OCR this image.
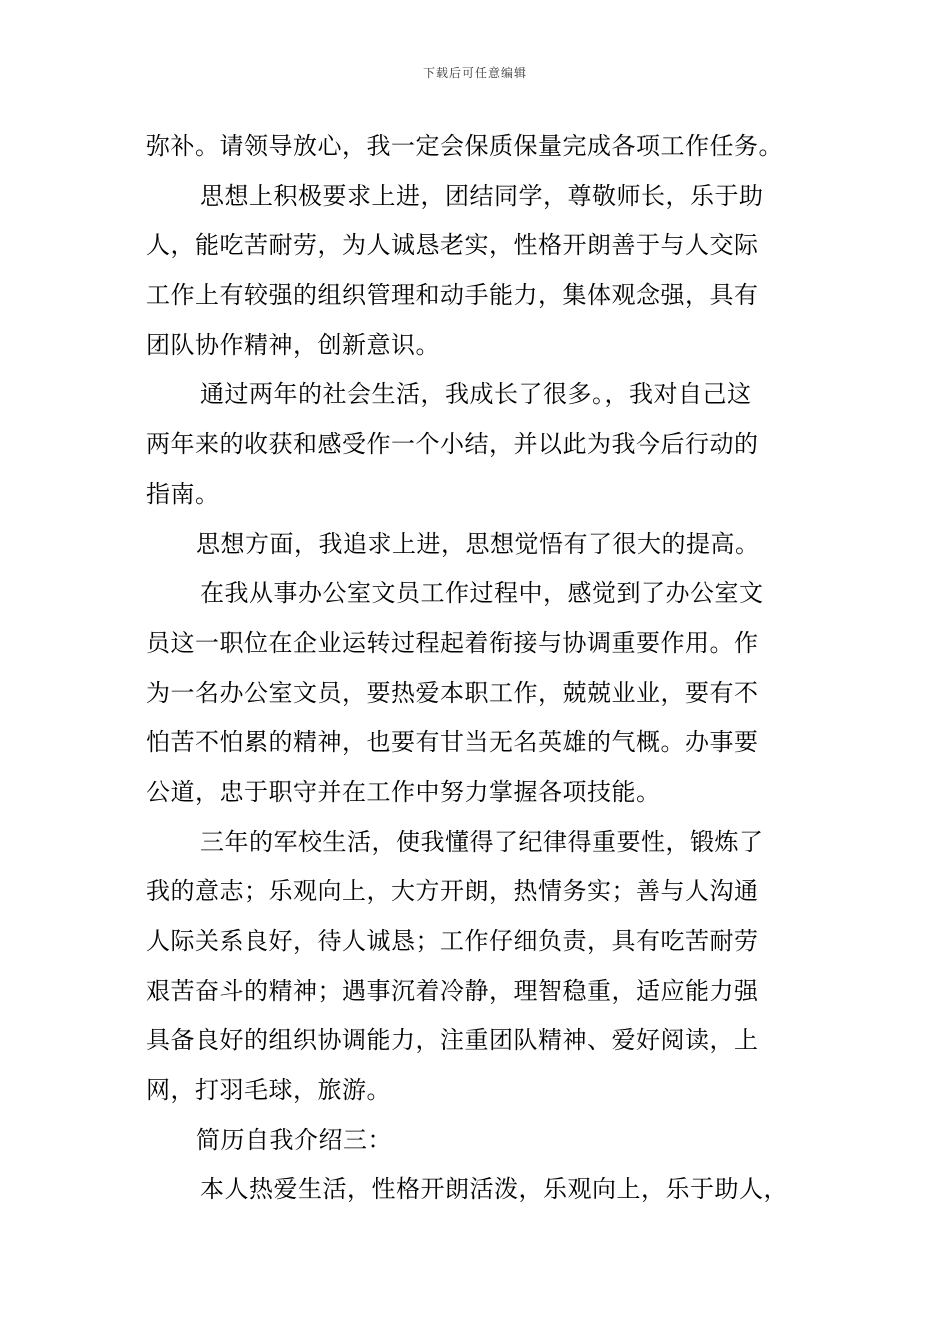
下载后可任意编辑
弥补。请领导放心，我一定会保质保量完成各项工作任务。
思想上积极要求上进，团结同学，尊敬师长，乐于助
人，能吃苦耐劳，为人诚恳老实，性格开朗善于与人交际
工作上有较强的组织管理和动手能力，集体观念强，具有
团队协作精神，创新意识。
通过两年的社会生活，我成长了很多。，我对自己这
两年来的收获和感受作一个小结，并以此为我今后行动的
指南。
思想方面，我追求上进，思想觉悟有了很大的提高。
在我从事办公室文员工作过程中，感觉到了办公室文
员这一职位在企业运转过程起着衔接与协调重要作用。作
为一名办公室文员，要热爱本职工作，兢兢业业，要有不
怕苦不怕累的精神，也要有甘当无名英雄的气概。办事要
公道，忠于职守并在工作中努力掌握各项技能。
三年的军校生活，使我懂得了纪律得重要性，锻炼了
我的意志；乐观向上，大方开朗，热情务实；善与人沟通
人际关系良好，待人诚恳；工作仔细负责，具有吃苦耐劳
艰苦奋斗的精神；遇事沉着冷静，理智稳重，适应能力强
具备良好的组织协调能力，注重团队精神、爱好阅读，上
网，打羽毛球，旅游。
简历自我介绍三：
本人热爱生活，性格开朗活泼，乐观向上，乐于助人，
